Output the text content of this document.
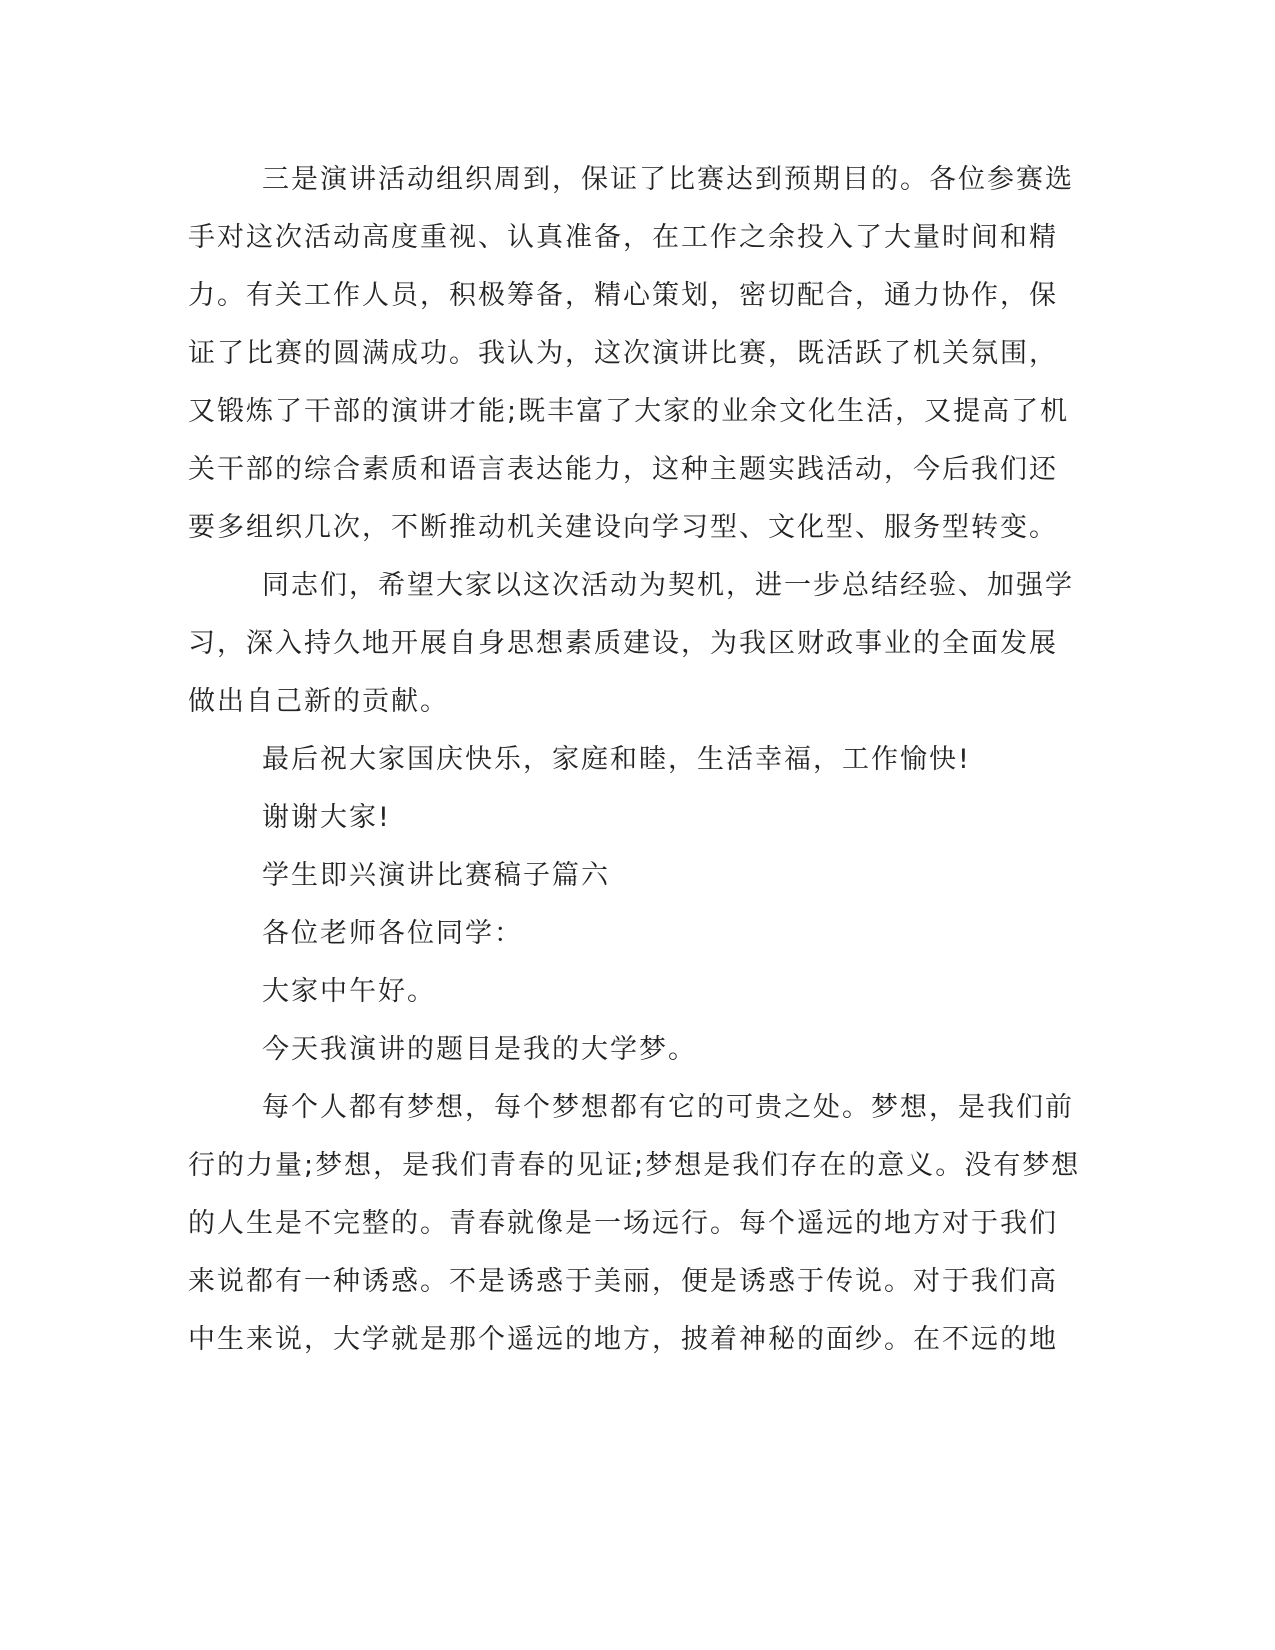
三是演讲活动组织周到，保证了比赛达到预期目的。各位参赛选
手对这次活动高度重视、认真准备，在工作之余投入了大量时间和精
力。有关工作人员，积极筹备，精心策划，密切配合，通力协作，保
证了比赛的圆满成功。我认为，这次演讲比赛，既活跃了机关氛围，
又锻炼了干部的演讲才能;既丰富了大家的业余文化生活，又提高了机
关干部的综合素质和语言表达能力，这种主题实践活动，今后我们还
要多组织几次，不断推动机关建设向学习型、文化型、服务型转变。
同志们，希望大家以这次活动为契机，进一步总结经验、加强学
习，深入持久地开展自身思想素质建设，为我区财政事业的全面发展
做出自己新的贡献。
最后祝大家国庆快乐，家庭和睦，生活幸福，工作愉快!
谢谢大家!
学生即兴演讲比赛稿子篇六
各位老师各位同学：
大家中午好。
今天我演讲的题目是我的大学梦。
每个人都有梦想，每个梦想都有它的可贵之处。梦想，是我们前
行的力量;梦想，是我们青春的见证;梦想是我们存在的意义。没有梦想
的人生是不完整的。青春就像是一场远行。每个遥远的地方对于我们
来说都有一种诱惑。不是诱惑于美丽，便是诱惑于传说。对于我们高
中生来说，大学就是那个遥远的地方，披着神秘的面纱。在不远的地
